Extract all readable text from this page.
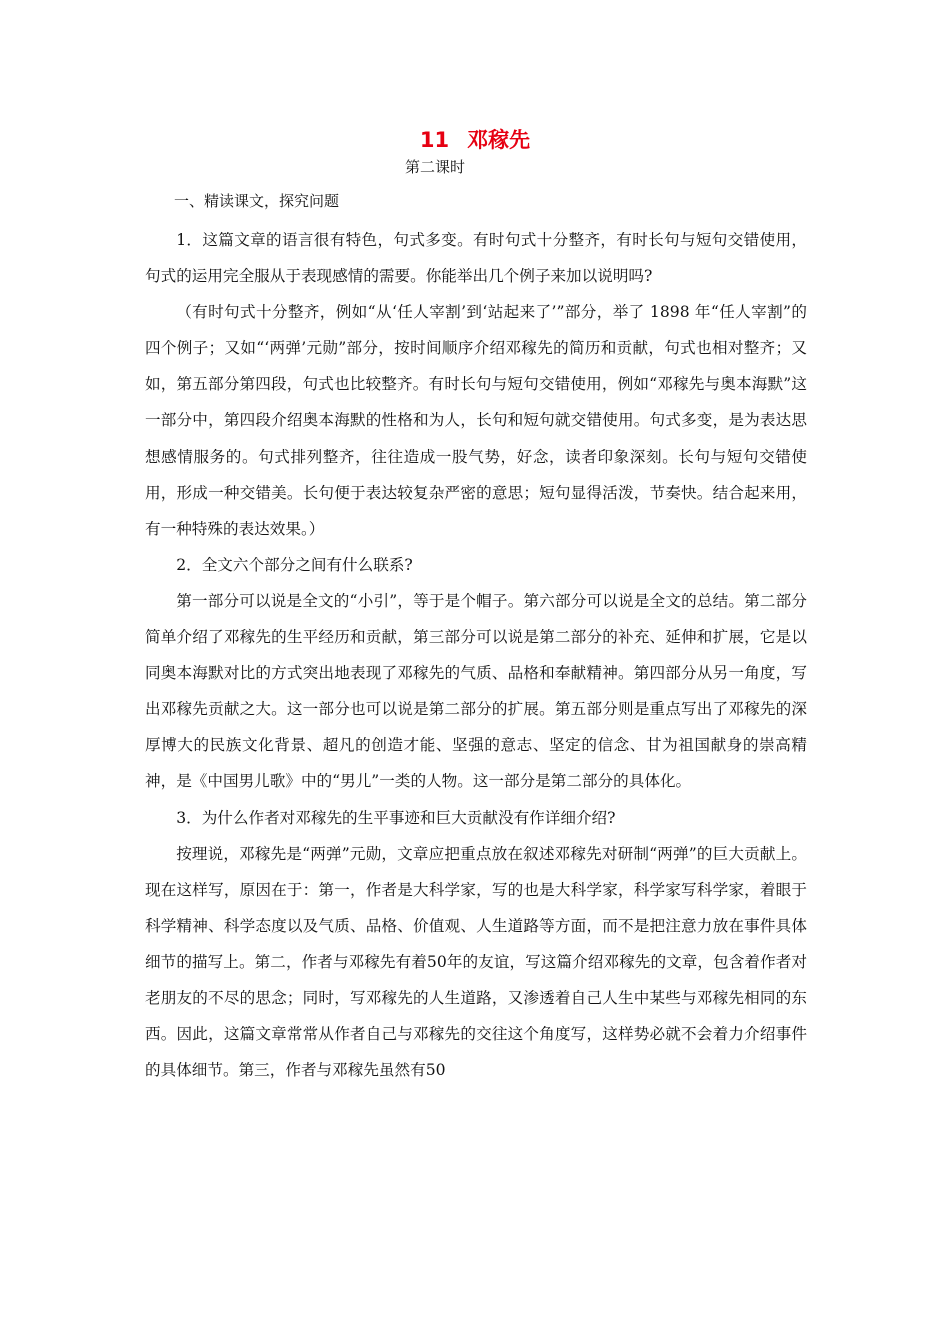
11 邓稼先
第二课时
一、精读课文，探究问题

1．这篇文章的语言很有特色，句式多变。有时句式十分整齐，有时长句与短句交错使用，句式的运用完全服从于表现感情的需要。你能举出几个例子来加以说明吗?

（有时句式十分整齐，例如“从‘任人宰割’到‘站起来了’”部分，举了 1898 年“任人宰割”的四个例子；又如“‘两弹’元勋”部分，按时间顺序介绍邓稼先的简历和贡献，句式也相对整齐；又如，第五部分第四段，句式也比较整齐。有时长句与短句交错使用，例如“邓稼先与奥本海默”这一部分中，第四段介绍奥本海默的性格和为人，长句和短句就交错使用。句式多变，是为表达思想感情服务的。句式排列整齐，往往造成一股气势，好念，读者印象深刻。长句与短句交错使用，形成一种交错美。长句便于表达较复杂严密的意思；短句显得活泼，节奏快。结合起来用，有一种特殊的表达效果。）

2．全文六个部分之间有什么联系?

第一部分可以说是全文的“小引”，等于是个帽子。第六部分可以说是全文的总结。第二部分简单介绍了邓稼先的生平经历和贡献，第三部分可以说是第二部分的补充、延伸和扩展，它是以同奥本海默对比的方式突出地表现了邓稼先的气质、品格和奉献精神。第四部分从另一角度，写出邓稼先贡献之大。这一部分也可以说是第二部分的扩展。第五部分则是重点写出了邓稼先的深厚博大的民族文化背景、超凡的创造才能、坚强的意志、坚定的信念、甘为祖国献身的崇高精神，是《中国男儿歌》中的“男儿”一类的人物。这一部分是第二部分的具体化。

3．为什么作者对邓稼先的生平事迹和巨大贡献没有作详细介绍?

按理说，邓稼先是“两弹”元勋，文章应把重点放在叙述邓稼先对研制“两弹”的巨大贡献上。现在这样写，原因在于：第一，作者是大科学家，写的也是大科学家，科学家写科学家，着眼于科学精神、科学态度以及气质、品格、价值观、人生道路等方面，而不是把注意力放在事件具体细节的描写上。第二，作者与邓稼先有着50年的友谊，写这篇介绍邓稼先的文章，包含着作者对老朋友的不尽的思念；同时，写邓稼先的人生道路，又渗透着自己人生中某些与邓稼先相同的东西。因此，这篇文章常常从作者自己与邓稼先的交往这个角度写，这样势必就不会着力介绍事件的具体细节。第三，作者与邓稼先虽然有50
